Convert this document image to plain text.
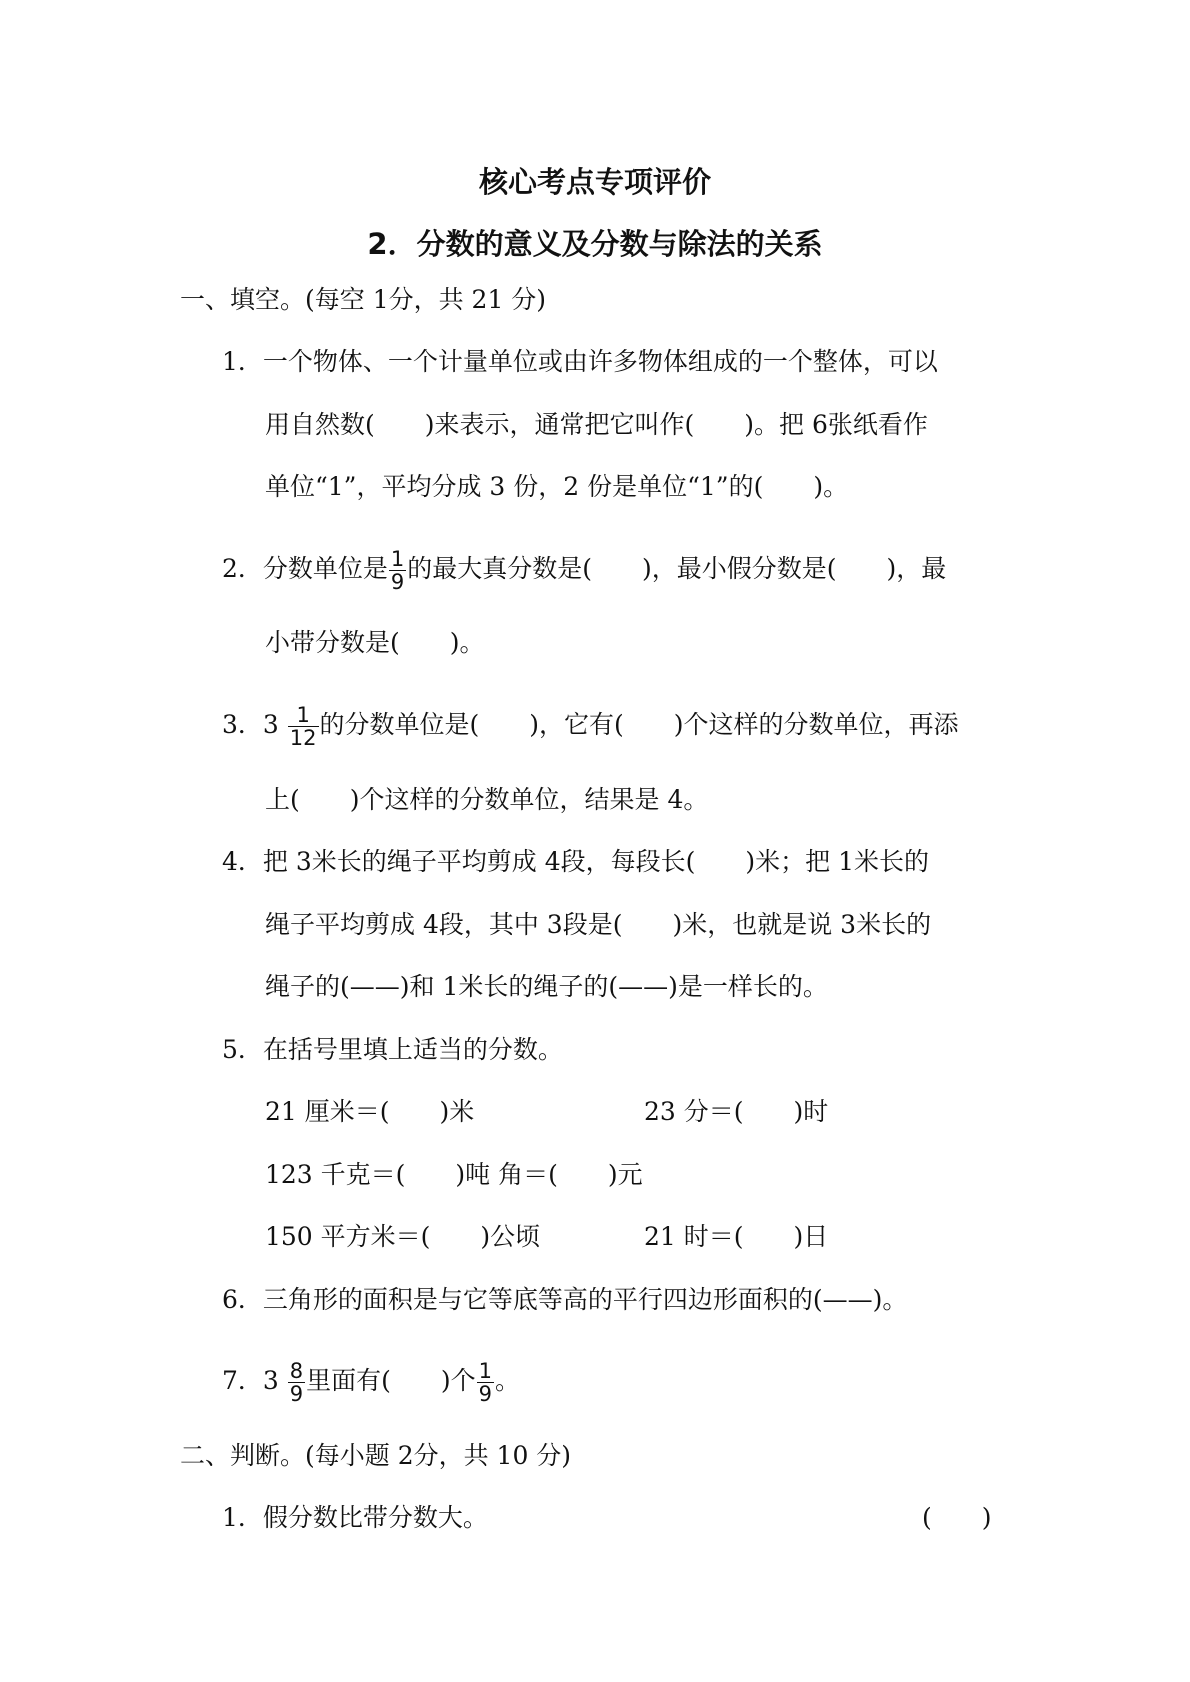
核心考点专项评价
2．分数的意义及分数与除法的关系
一、填空。(每空 1分，共 21 分)
1．一个物体、一个计量单位或由许多物体组成的一个整体，可以
用自然数(　　)来表示，通常把它叫作(　　)。把 6张纸看作
单位“1”，平均分成 3 份，2 份是单位“1”的(　　)。
2．分数单位是 $\frac{1}{9}$ 的最大真分数是(　　)，最小假分数是(　　)，最
小带分数是(　　)。
3．$3 \frac{1}{12}$ 的分数单位是(　　)，它有(　　)个这样的分数单位，再添
上(　　)个这样的分数单位，结果是 4。
4．把 3米长的绳子平均剪成 4段，每段长(　　)米；把 1米长的
绳子平均剪成 4段，其中 3段是(　　)米，也就是说 3米长的
绳子的(——)和 1米长的绳子的(——)是一样长的。
5．在括号里填上适当的分数。
21 厘米＝(　　)米	23 分＝(　　)时
123 千克＝(　　)吨 角＝(　　)元
150 平方米＝(　　)公顷	21 时＝(　　)日
6．三角形的面积是与它等底等高的平行四边形面积的(——)。
7．$3 \frac{8}{9}$ 里面有(　　)个 $\frac{1}{9}$ 。
二、判断。(每小题 2分，共 10 分)
1．假分数比带分数大。	(　　)
